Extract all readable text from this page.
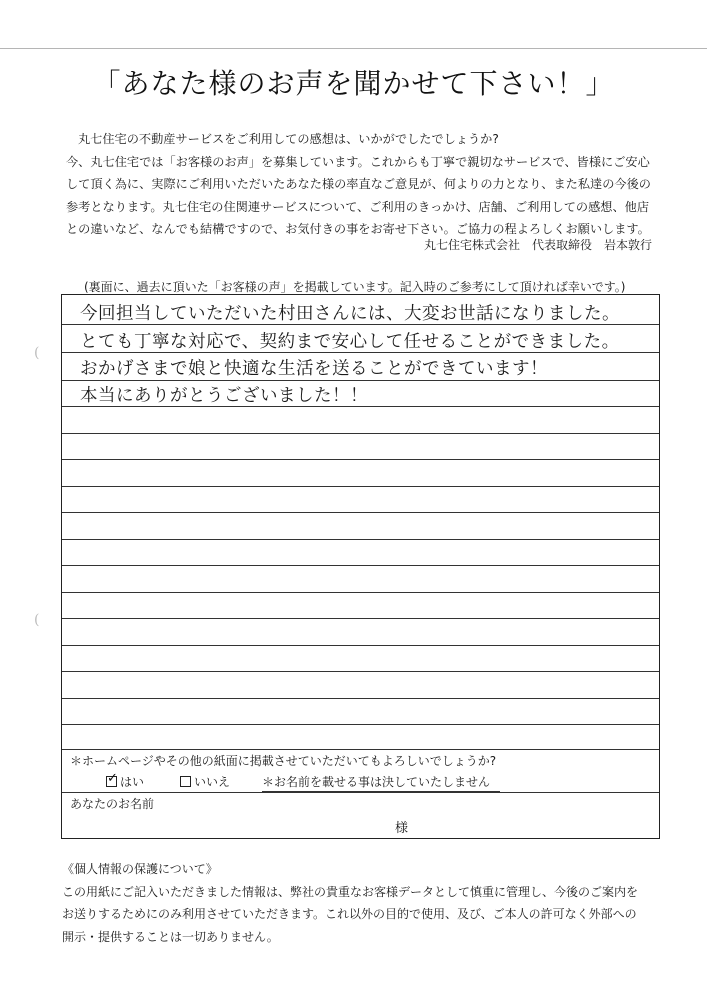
(
(
「あなた様のお声を聞かせて下さい！」

丸七住宅の不動産サービスをご利用しての感想は、いかがでしたでしょうか?

今、丸七住宅では「お客様のお声」を募集しています。これからも丁寧で親切なサービスで、皆様にご安心

して頂く為に、実際にご利用いただいたあなた様の率直なご意見が、何よりの力となり、また私達の今後の

参考となります。丸七住宅の住関連サービスについて、ご利用のきっかけ、店舗、ご利用しての感想、他店

との違いなど、なんでも結構ですので、お気付きの事をお寄せ下さい。ご協力の程よろしくお願いします。

丸七住宅株式会社　代表取締役　岩本敦行
(裏面に、過去に頂いた「お客様の声」を掲載しています。記入時のご参考にして頂ければ幸いです。)
今回担当していただいた村田さんには、大変お世話になりました。
とても丁寧な対応で、契約まで安心して任せることができました。
おかげさまで娘と快適な生活を送ることができています！
本当にありがとうございました！！
＊ホームページやその他の紙面に掲載させていただいてもよろしいでしょうか?
✓ はい	いいえ	＊お名前を載せる事は決していたしません
あなたのお名前
様

《個人情報の保護について》

この用紙にご記入いただきました情報は、弊社の貴重なお客様データとして慎重に管理し、今後のご案内を

お送りするためにのみ利用させていただきます。これ以外の目的で使用、及び、ご本人の許可なく外部への

開示・提供することは一切ありません。
